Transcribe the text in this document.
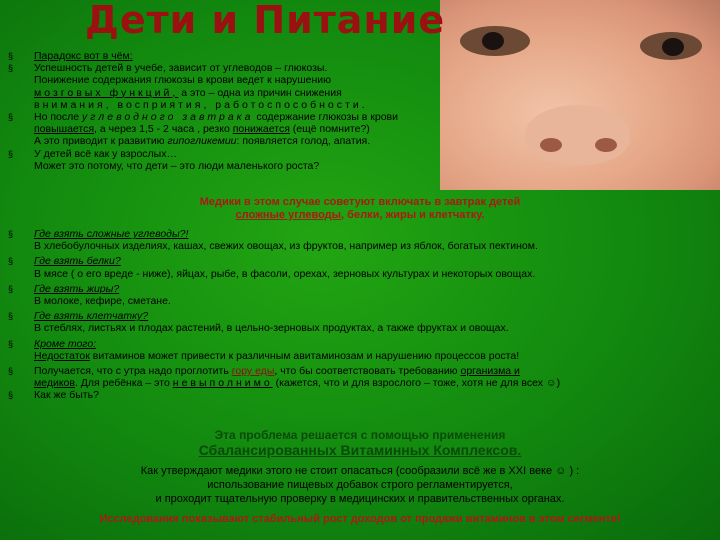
Дети и Питание
§ Парадокс вот в чём:
§ Успешность детей в учебе, зависит от углеводов – глюкозы.
Понижение содержания глюкозы в крови ведет к нарушению
мозговых функций, а это – одна из причин снижения
внимания, восприятия, работоспособности.
§ Но после углеводного завтрака содержание глюкозы в крови
повышается, а через 1,5 - 2 часа , резко понижается (ещё помните?)
А это приводит к развитию гипогликемии: появляется голод, апатия.
§ У детей всё как у взрослых…
Может это потому, что дети – это люди маленького роста?
Медики в этом случае советуют включать в завтрак детей
сложные углеводы, белки, жиры и клетчатку.
§ Где взять сложные углеводы?!
В хлебобулочных изделиях, кашах, свежих овощах, из фруктов, например из яблок, богатых пектином.
§ Где взять белки?
В мясе ( о его вреде - ниже), яйцах, рыбе, в фасоли, орехах, зерновых культурах и некоторых овощах.
§ Где взять жиры?
В молоке, кефире, сметане.
§ Где взять клетчатку?
В стеблях, листьях и плодах растений, в цельно-зерновых продуктах, а также фруктах и овощах.
§ Кроме того:
Недостаток витаминов может привести к различным авитаминозам и нарушению процессов роста!
§ Получается, что с утра надо проглотить гору еды, что бы соответствовать требованию организма и
медиков. Для ребёнка – это невыполнимо (кажется, что и для взрослого – тоже, хотя не для всех ☺)
§ Как же быть?
Эта проблема решается с помощью применения
Сбалансированных Витаминных Комплексов.
Как утверждают медики этого не стоит опасаться (сообразили всё же в XXI веке ☺ ) :
использование пищевых добавок строго регламентируется,
и проходит тщательную проверку в медицинских и правительственных органах.
Исследования показывают стабильный рост доходов от продажи витаминов в этом сегменте!
